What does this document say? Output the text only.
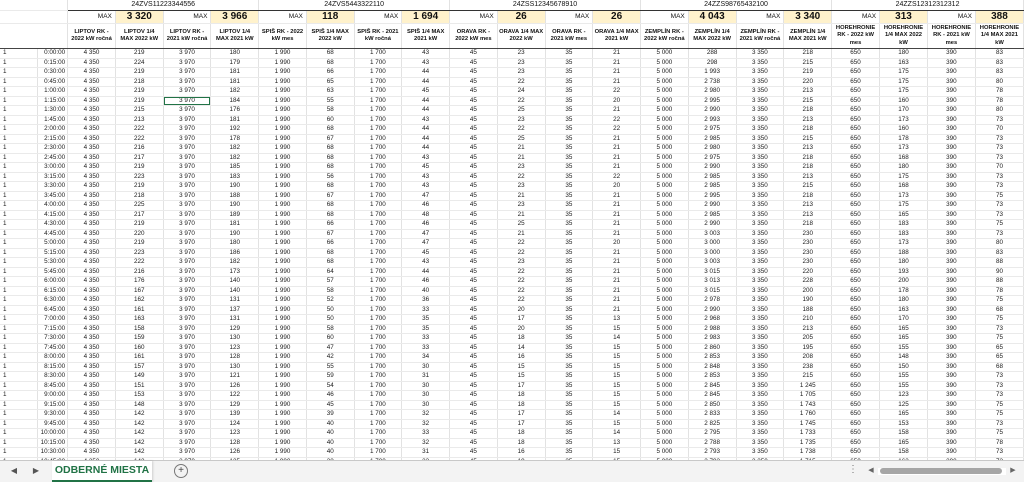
		24ZVS11223344556				24ZVS5443322110				24ZSS12345678910				24ZZS98765432100				24ZZS12312312312			
		MAX	3 320	MAX	3 966	MAX	118	MAX	1 694	MAX	26	MAX	26	MAX	4 043	MAX	3 340	MAX	313	MAX	388
		LIPTOV RK - 2022 kW ročná	LIPTOV 1/4 MAX 2022 kW	LIPTOV RK - 2021 kW ročná	LIPTOV 1/4 MAX 2021 kW	SPIŠ RK - 2022 kW mes	SPIŠ 1/4 MAX 2022 kW	SPIŠ RK - 2021 kW ročná	SPIŠ 1/4 MAX 2021 kW	ORAVA RK - 2022 kW mes	ORAVA 1/4 MAX 2022 kW	ORAVA RK - 2021 kW mes	ORAVA 1/4 MAX 2021 kW	ZEMPLÍN RK - 2022 kW ročná	ZEMPLÍN 1/4 MAX 2022 kW	ZEMPLÍN RK - 2021 kW ročná	ZEMPLÍN 1/4 MAX 2021 kW	HOREHRONIE RK - 2022 kW mes	HOREHRONIE 1/4 MAX 2022 kW	HOREHRONIE RK - 2021 kW mes	HOREHRONIE 1/4 MAX 2021 kW
1	0:00:00	4 350	219	3 970	180	1 990	68	1 700	43	45	23	35	21	5 000	288	3 350	218	650	180	390	83
1	0:15:00	4 350	224	3 970	179	1 990	68	1 700	43	45	23	35	21	5 000	298	3 350	215	650	163	390	83
1	0:30:00	4 350	219	3 970	181	1 990	66	1 700	44	45	23	35	21	5 000	1 993	3 350	219	650	175	390	83
1	0:45:00	4 350	218	3 970	181	1 990	65	1 700	44	45	22	35	21	5 000	2 738	3 350	220	650	175	390	80
1	1:00:00	4 350	219	3 970	182	1 990	63	1 700	45	45	24	35	22	5 000	2 980	3 350	213	650	175	390	78
1	1:15:00	4 350	219	3 970	184	1 990	55	1 700	44	45	22	35	20	5 000	2 995	3 350	215	650	160	390	78
1	1:30:00	4 350	215	3 970	176	1 990	58	1 700	44	45	25	35	21	5 000	2 990	3 350	218	650	170	390	80
1	1:45:00	4 350	213	3 970	181	1 990	60	1 700	43	45	23	35	22	5 000	2 993	3 350	213	650	173	390	73
1	2:00:00	4 350	222	3 970	192	1 990	68	1 700	44	45	22	35	22	5 000	2 975	3 350	218	650	160	390	70
1	2:15:00	4 350	222	3 970	178	1 990	67	1 700	44	45	25	35	21	5 000	2 985	3 350	215	650	178	390	73
1	2:30:00	4 350	216	3 970	182	1 990	68	1 700	44	45	21	35	21	5 000	2 980	3 350	213	650	173	390	73
1	2:45:00	4 350	217	3 970	182	1 990	68	1 700	43	45	21	35	21	5 000	2 975	3 350	218	650	168	390	73
1	3:00:00	4 350	219	3 970	185	1 990	68	1 700	45	45	23	35	21	5 000	2 990	3 350	218	650	180	390	70
1	3:15:00	4 350	223	3 970	183	1 990	56	1 700	43	45	22	35	22	5 000	2 985	3 350	213	650	175	390	73
1	3:30:00	4 350	219	3 970	190	1 990	68	1 700	43	45	23	35	20	5 000	2 985	3 350	215	650	168	390	73
1	3:45:00	4 350	218	3 970	188	1 990	67	1 700	47	45	21	35	21	5 000	2 995	3 350	218	650	173	390	75
1	4:00:00	4 350	225	3 970	190	1 990	68	1 700	46	45	23	35	21	5 000	2 990	3 350	213	650	175	390	73
1	4:15:00	4 350	217	3 970	189	1 990	68	1 700	48	45	21	35	21	5 000	2 985	3 350	213	650	165	390	73
1	4:30:00	4 350	219	3 970	181	1 990	66	1 700	46	45	25	35	21	5 000	2 990	3 350	218	650	183	390	75
1	4:45:00	4 350	220	3 970	190	1 990	67	1 700	47	45	21	35	21	5 000	3 003	3 350	230	650	183	390	73
1	5:00:00	4 350	219	3 970	180	1 990	66	1 700	47	45	22	35	20	5 000	3 000	3 350	230	650	173	390	80
1	5:15:00	4 350	223	3 970	186	1 990	68	1 700	45	45	22	35	21	5 000	3 000	3 350	230	650	188	390	83
1	5:30:00	4 350	222	3 970	182	1 990	68	1 700	43	45	23	35	21	5 000	3 003	3 350	230	650	180	390	88
1	5:45:00	4 350	216	3 970	173	1 990	64	1 700	44	45	22	35	21	5 000	3 015	3 350	220	650	193	390	90
1	6:00:00	4 350	176	3 970	140	1 990	57	1 700	46	45	22	35	21	5 000	3 013	3 350	228	650	200	390	88
1	6:15:00	4 350	167	3 970	140	1 990	58	1 700	40	45	22	35	21	5 000	3 015	3 350	200	650	178	390	78
1	6:30:00	4 350	162	3 970	131	1 990	52	1 700	36	45	22	35	21	5 000	2 978	3 350	190	650	180	390	75
1	6:45:00	4 350	161	3 970	137	1 990	50	1 700	33	45	20	35	21	5 000	2 990	3 350	188	650	163	390	68
1	7:00:00	4 350	163	3 970	131	1 990	50	1 700	35	45	17	35	13	5 000	2 968	3 350	210	650	170	390	75
1	7:15:00	4 350	158	3 970	129	1 990	58	1 700	35	45	20	35	15	5 000	2 988	3 350	213	650	165	390	73
1	7:30:00	4 350	159	3 970	130	1 990	60	1 700	33	45	18	35	14	5 000	2 983	3 350	205	650	165	390	75
1	7:45:00	4 350	160	3 970	123	1 990	47	1 700	33	45	14	35	15	5 000	2 860	3 350	195	650	155	390	65
1	8:00:00	4 350	161	3 970	128	1 990	42	1 700	34	45	16	35	15	5 000	2 853	3 350	208	650	148	390	65
1	8:15:00	4 350	157	3 970	130	1 990	55	1 700	30	45	15	35	15	5 000	2 848	3 350	238	650	150	390	68
1	8:30:00	4 350	149	3 970	121	1 990	59	1 700	31	45	15	35	15	5 000	2 853	3 350	215	650	155	390	73
1	8:45:00	4 350	151	3 970	126	1 990	54	1 700	30	45	17	35	15	5 000	2 845	3 350	1 245	650	155	390	73
1	9:00:00	4 350	153	3 970	122	1 990	46	1 700	30	45	18	35	15	5 000	2 845	3 350	1 705	650	123	390	73
1	9:15:00	4 350	148	3 970	129	1 990	45	1 700	30	45	18	35	15	5 000	2 850	3 350	1 743	650	125	390	75
1	9:30:00	4 350	142	3 970	139	1 990	39	1 700	32	45	17	35	14	5 000	2 833	3 350	1 760	650	165	390	75
1	9:45:00	4 350	142	3 970	124	1 990	40	1 700	32	45	17	35	15	5 000	2 825	3 350	1 745	650	153	390	73
1	10:00:00	4 350	142	3 970	123	1 990	40	1 700	33	45	18	35	14	5 000	2 795	3 350	1 733	650	158	390	75
1	10:15:00	4 350	142	3 970	128	1 990	40	1 700	32	45	18	35	13	5 000	2 788	3 350	1 735	650	165	390	78
1	10:30:00	4 350	142	3 970	126	1 990	40	1 700	31	45	16	35	15	5 000	2 793	3 350	1 738	650	158	390	73

◀	▶ ODBERNÉ MIESTA	+	⋮	◀	▶
